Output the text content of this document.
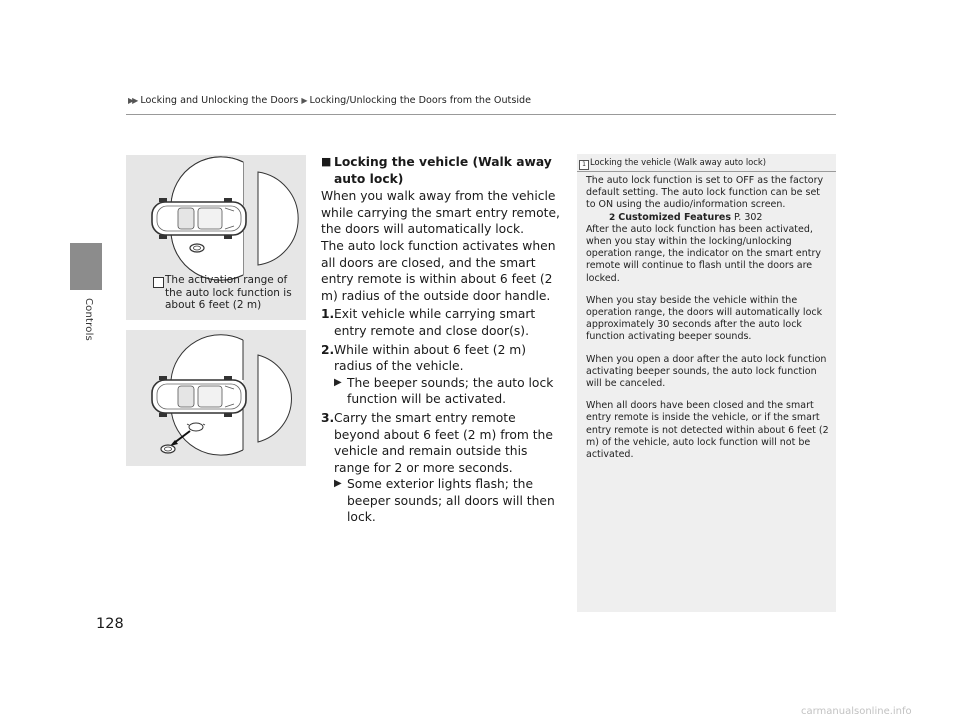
▶▶ Locking and Unlocking the Doors ▶ Locking/Unlocking the Doors from the Outside
Controls
The activation range of the auto lock function is about 6 feet (2 m)
■ Locking the vehicle (Walk away auto lock)

When you walk away from the vehicle while carrying the smart entry remote, the doors will automatically lock.

The auto lock function activates when all doors are closed, and the smart entry remote is within about 6 feet (2 m) radius of the outside door handle.

1. Exit vehicle while carrying smart entry remote and close door(s).
2. While within about 6 feet (2 m) radius of the vehicle.
▶ The beeper sounds; the auto lock function will be activated.
3. Carry the smart entry remote beyond about 6 feet (2 m) from the vehicle and remain outside this range for 2 or more seconds.
▶ Some exterior lights flash; the beeper sounds; all doors will then lock.
1 Locking the vehicle (Walk away auto lock)

The auto lock function is set to OFF as the factory default setting. The auto lock function can be set to ON using the audio/information screen.
2 Customized Features P. 302
After the auto lock function has been activated, when you stay within the locking/unlocking operation range, the indicator on the smart entry remote will continue to flash until the doors are locked.

When you stay beside the vehicle within the operation range, the doors will automatically lock approximately 30 seconds after the auto lock function activating beeper sounds.

When you open a door after the auto lock function activating beeper sounds, the auto lock function will be canceled.

When all doors have been closed and the smart entry remote is inside the vehicle, or if the smart entry remote is not detected within about 6 feet (2 m) of the vehicle, auto lock function will not be activated.

128
carmanualsonline.info
